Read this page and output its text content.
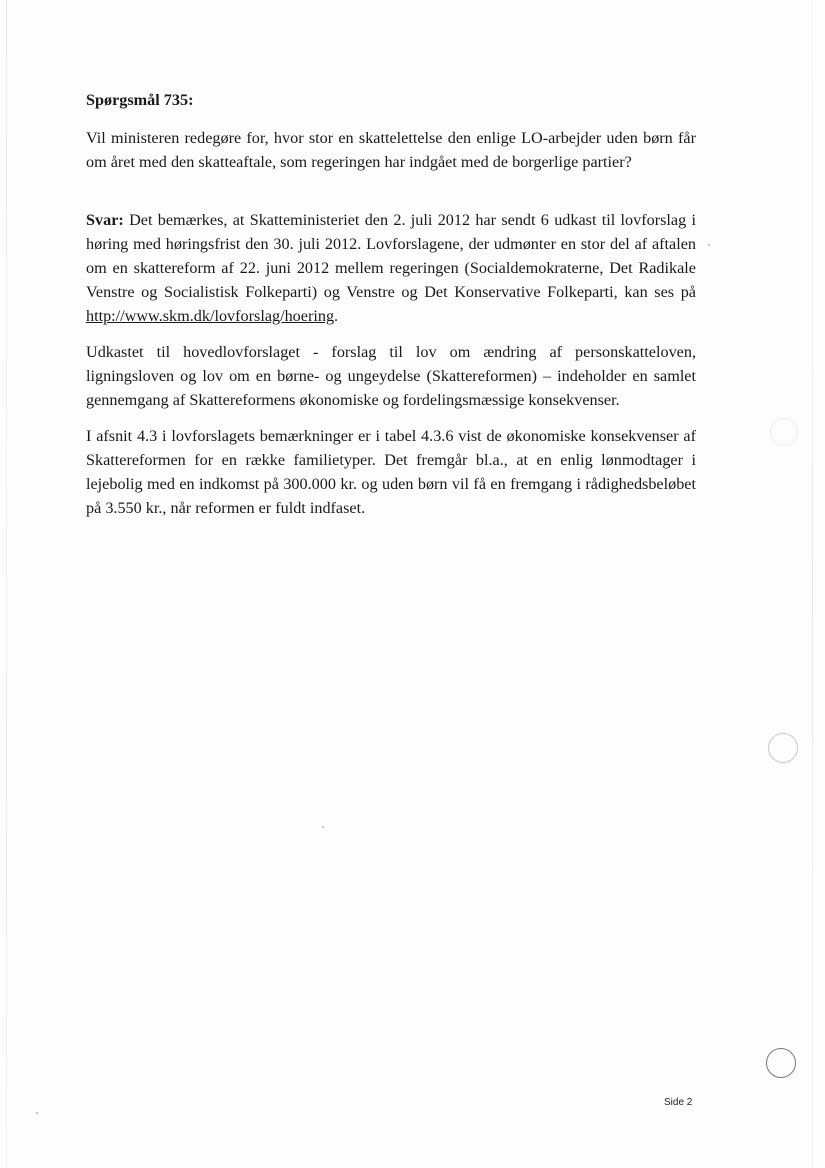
Spørgsmål 735:

Vil ministeren redegøre for, hvor stor en skattelettelse den enlige LO-arbejder uden børn får om året med den skatteaftale, som regeringen har indgået med de borgerlige partier?

Svar: Det bemærkes, at Skatteministeriet den 2. juli 2012 har sendt 6 udkast til lovforslag i høring med høringsfrist den 30. juli 2012. Lovforslagene, der udmønter en stor del af aftalen om en skattereform af 22. juni 2012 mellem regeringen (Socialdemokraterne, Det Radikale Venstre og Socialistisk Folkeparti) og Venstre og Det Konservative Folkeparti, kan ses på http://www.skm.dk/lovforslag/hoering.

Udkastet til hovedlovforslaget - forslag til lov om ændring af personskatteloven, ligningsloven og lov om en børne- og ungeydelse (Skattereformen) – indeholder en samlet gennemgang af Skattereformens økonomiske og fordelingsmæssige konsekvenser.

I afsnit 4.3 i lovforslagets bemærkninger er i tabel 4.3.6 vist de økonomiske konsekvenser af Skattereformen for en række familietyper. Det fremgår bl.a., at en enlig lønmodtager i lejebolig med en indkomst på 300.000 kr. og uden børn vil få en fremgang i rådighedsbeløbet på 3.550 kr., når reformen er fuldt indfaset.

Side 2
